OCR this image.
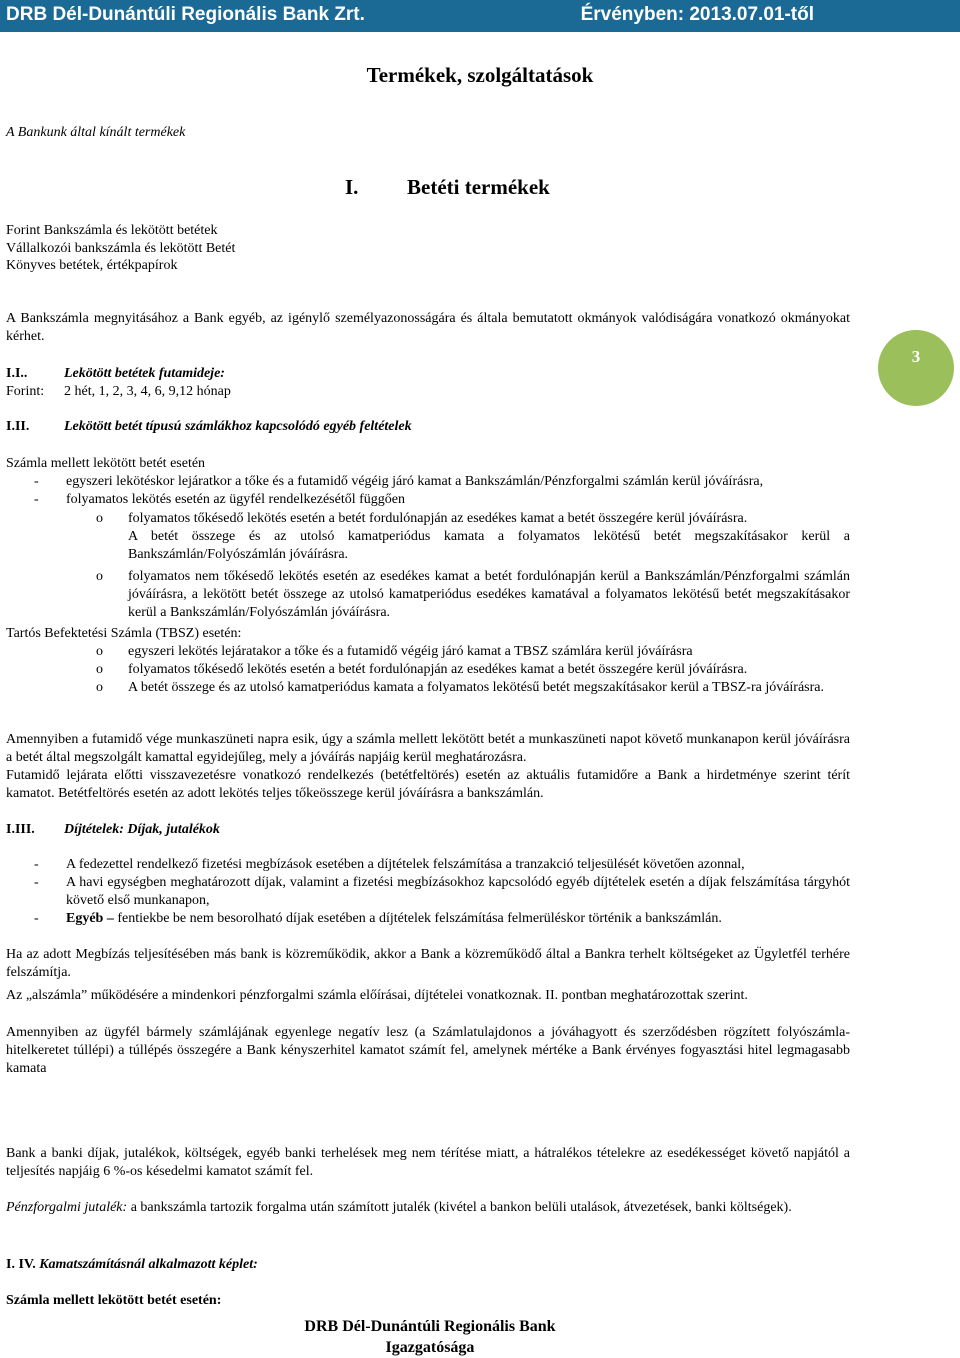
DRB Dél-Dunántúli Regionális Bank Zrt.	Érvényben: 2013.07.01-től
Termékek, szolgáltatások
A Bankunk által kínált termékek
I. Betéti termékek
Forint Bankszámla és lekötött betétek
Vállalkozói bankszámla és lekötött Betét
Könyves betétek, értékpapírok

A Bankszámla megnyitásához a Bank egyéb, az igénylő személyazonosságára és általa bemutatott okmányok valódiságára vonatkozó okmányokat kérhet.

I.I..	Lekötött betétek futamideje:
Forint: 2 hét, 1, 2, 3, 4, 6, 9,12 hónap
3
I.II. Lekötött betét típusú számlákhoz kapcsolódó egyéb feltételek
Számla mellett lekötött betét esetén
- egyszeri lekötéskor lejáratkor a tőke és a futamidő végéig járó kamat a Bankszámlán/Pénzforgalmi számlán kerül jóváírásra,
- folyamatos lekötés esetén az ügyfél rendelkezésétől függően
o folyamatos tőkésedő lekötés esetén a betét fordulónapján az esedékes kamat a betét összegére kerül jóváírásra.
A betét összege és az utolsó kamatperiódus kamata a folyamatos lekötésű betét megszakításakor kerül a Bankszámlán/Folyószámlán jóváírásra.
o folyamatos nem tőkésedő lekötés esetén az esedékes kamat a betét fordulónapján kerül a Bankszámlán/Pénzforgalmi számlán jóváírásra, a lekötött betét összege az utolsó kamatperiódus esedékes kamatával a folyamatos lekötésű betét megszakításakor kerül a Bankszámlán/Folyószámlán jóváírásra.
Tartós Befektetési Számla (TBSZ) esetén:
o egyszeri lekötés lejáratakor a tőke és a futamidő végéig járó kamat a TBSZ számlára kerül jóváírásra
o folyamatos tőkésedő lekötés esetén a betét fordulónapján az esedékes kamat a betét összegére kerül jóváírásra.
o A betét összege és az utolsó kamatperiódus kamata a folyamatos lekötésű betét megszakításakor kerül a TBSZ-ra jóváírásra.

Amennyiben a futamidő vége munkaszüneti napra esik, úgy a számla mellett lekötött betét a munkaszüneti napot követő munkanapon kerül jóváírásra a betét által megszolgált kamattal egyidejűleg, mely a jóváírás napjáig kerül meghatározásra.

Futamidő lejárata előtti visszavezetésre vonatkozó rendelkezés (betétfeltörés) esetén az aktuális futamidőre a Bank a hirdetménye szerint térít kamatot. Betétfeltörés esetén az adott lekötés teljes tőkeösszege kerül jóváírásra a bankszámlán.

I.III. Díjtételek: Díjak, jutalékok
- A fedezettel rendelkező fizetési megbízások esetében a díjtételek felszámítása a tranzakció teljesülését követően azonnal,
- A havi egységben meghatározott díjak, valamint a fizetési megbízásokhoz kapcsolódó egyéb díjtételek esetén a díjak felszámítása tárgyhót követő első munkanapon,
- Egyéb – fentiekbe be nem besorolható díjak esetében a díjtételek felszámítása felmerüléskor történik a bankszámlán.

Ha az adott Megbízás teljesítésében más bank is közreműködik, akkor a Bank a közreműködő által a Bankra terhelt költségeket az Ügyletfél terhére felszámítja.

Az „alszámla” működésére a mindenkori pénzforgalmi számla előírásai, díjtételei vonatkoznak. II. pontban meghatározottak szerint.

Amennyiben az ügyfél bármely számlájának egyenlege negatív lesz (a Számlatulajdonos a jóváhagyott és szerződésben rögzített folyószámla-hitelkeretet túllépi) a túllépés összegére a Bank kényszerhitel kamatot számít fel, amelynek mértéke a Bank érvényes fogyasztási hitel legmagasabb kamata

Bank a banki díjak, jutalékok, költségek, egyéb banki terhelések meg nem térítése miatt, a hátralékos tételekre az esedékességet követő napjától a teljesítés napjáig 6 %-os késedelmi kamatot számít fel.

Pénzforgalmi jutalék: a bankszámla tartozik forgalma után számított jutalék (kivétel a bankon belüli utalások, átvezetések, banki költségek).

I. IV. Kamatszámításnál alkalmazott képlet:
Számla mellett lekötött betét esetén:
DRB Dél-Dunántúli Regionális Bank
Igazgatósága
